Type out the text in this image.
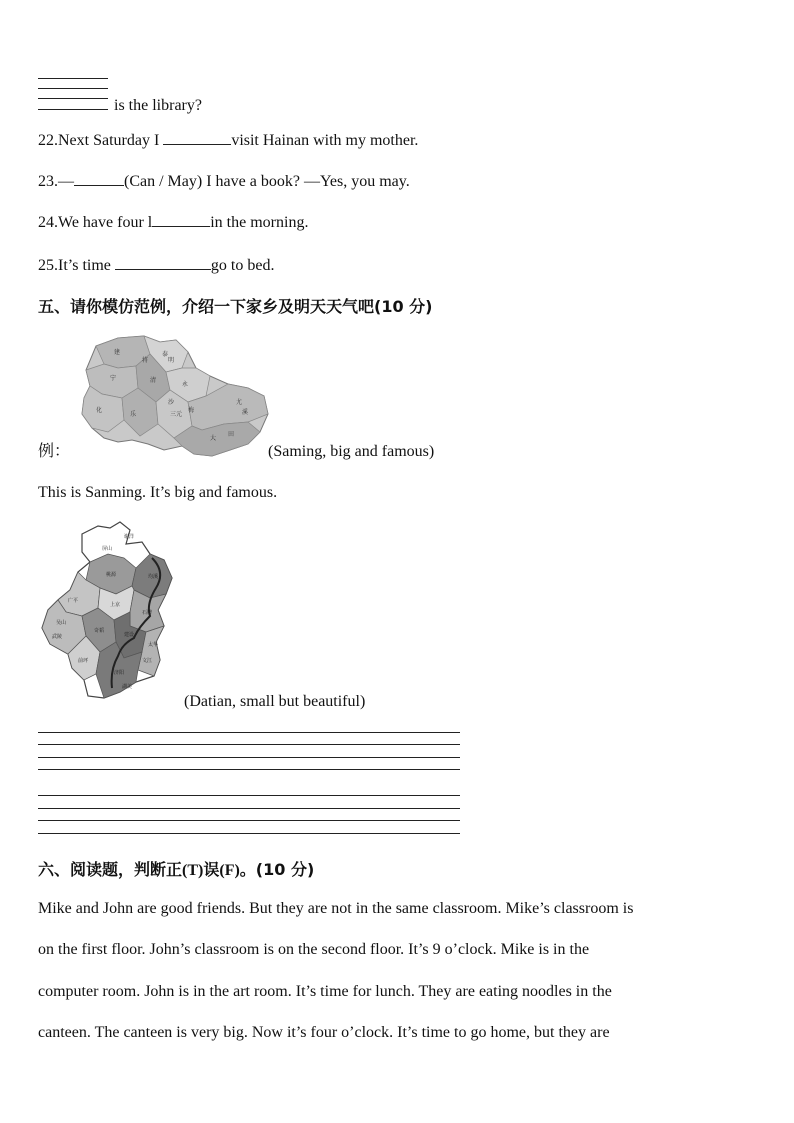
is the library?
22.Next Saturday I	visit Hainan with my mother.
23.—	(Can / May) I have a book? —Yes, you may.
24.We have four l	in the morning.
25.It’s time	go to bed.
五、请你模仿范例，介绍一下家乡及明天天气吧(10 分)
建
宁
泰
明
将
清
永
沙
梅
三元
尤
溪
大
田
化
乐
例：	(Saming, big and famous)
This is Sanming. It’s big and famous.
桃源	均溪
广平
上京
石牌
吴山
奇韬
建设
太华
前坪
济阳
文江
屏山
谢洋
湖美
武陵
(Datian, small but beautiful)
六、阅读题，判断正(T)误(F)。(10 分)
Mike and John are good friends. But they are not in the same classroom. Mike’s classroom is
on the first floor. John’s classroom is on the second floor. It’s 9 o’clock. Mike is in the
computer room. John is in the art room. It’s time for lunch. They are eating noodles in the
canteen. The canteen is very big. Now it’s four o’clock. It’s time to go home, but they are
